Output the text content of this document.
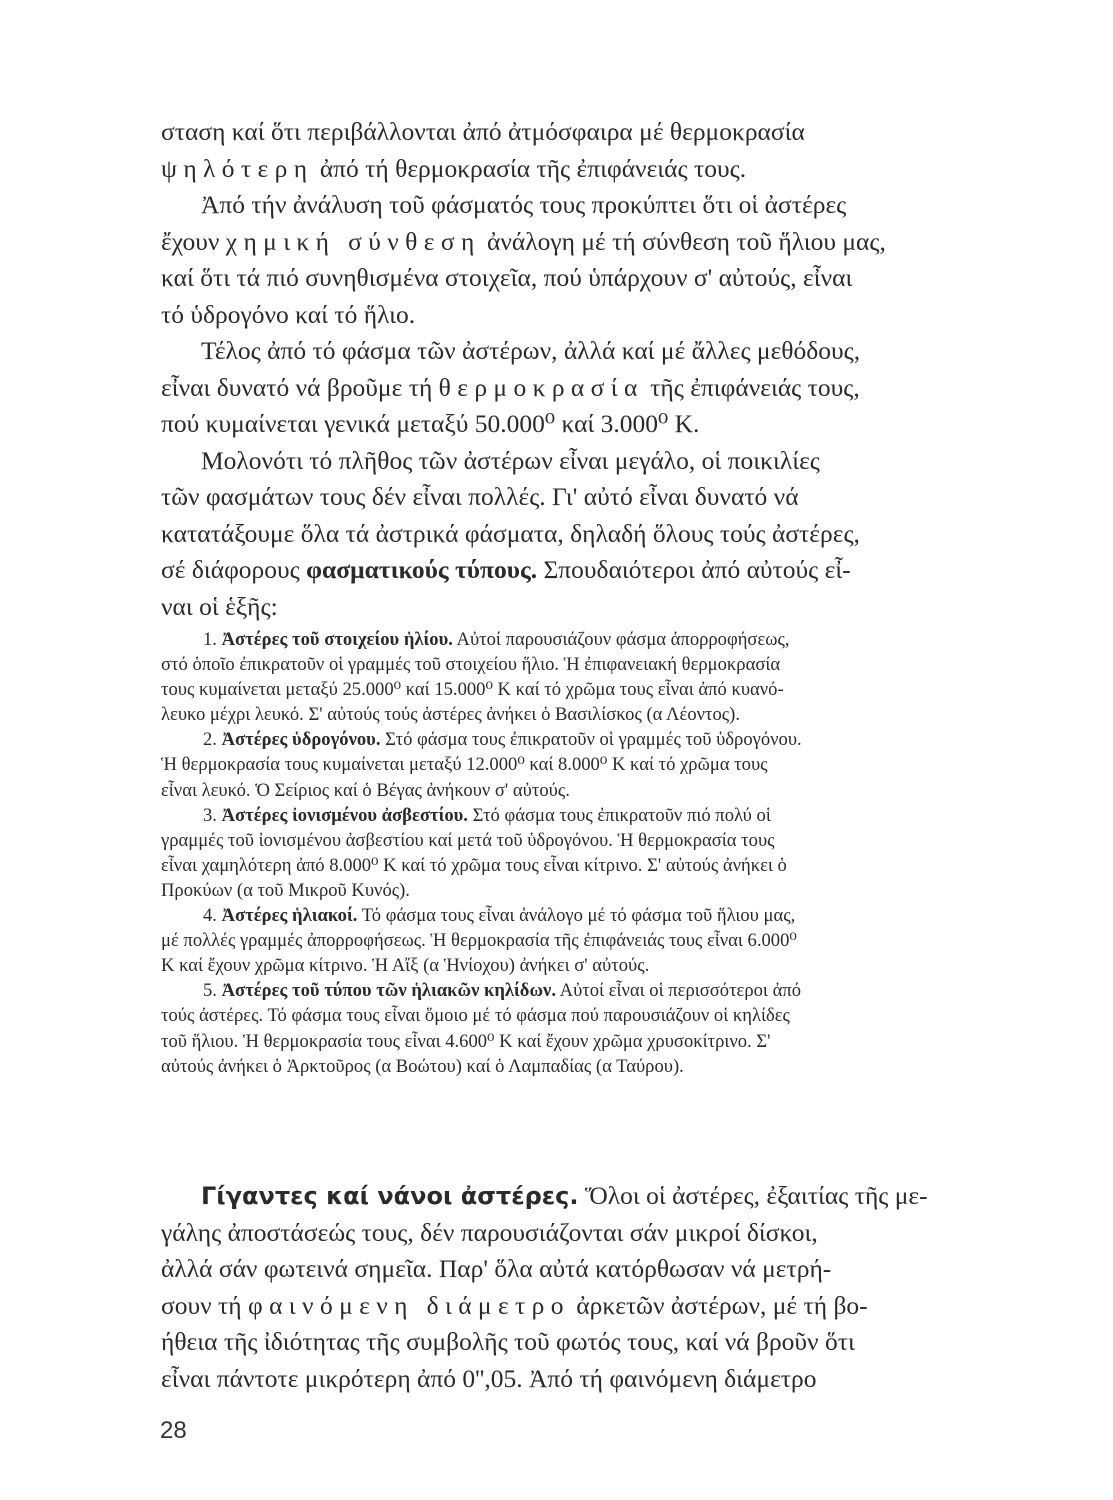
σταση καί ὅτι περιβάλλονται ἀπό ἀτμόσφαιρα μέ θερμοκρασία
ψηλότερη ἀπό τή θερμοκρασία τῆς ἐπιφάνειάς τους.
Ἀπό τήν ἀνάλυση τοῦ φάσματός τους προκύπτει ὅτι οἱ ἀστέρες
ἔχουν χημική σύνθεση ἀνάλογη μέ τή σύνθεση τοῦ ἥλιου μας,
καί ὅτι τά πιό συνηθισμένα στοιχεῖα, πού ὑπάρχουν σ' αὐτούς, εἶναι
τό ὑδρογόνο καί τό ἥλιο.
Τέλος ἀπό τό φάσμα τῶν ἀστέρων, ἀλλά καί μέ ἄλλες μεθόδους,
εἶναι δυνατό νά βροῦμε τή θερμοκρασία τῆς ἐπιφάνειάς τους,
πού κυμαίνεται γενικά μεταξύ 50.000⁰ καί 3.000⁰ Κ.
Μολονότι τό πλῆθος τῶν ἀστέρων εἶναι μεγάλο, οἱ ποικιλίες
τῶν φασμάτων τους δέν εἶναι πολλές. Γι' αὐτό εἶναι δυνατό νά
κατατάξουμε ὅλα τά ἀστρικά φάσματα, δηλαδή ὅλους τούς ἀστέρες,
σέ διάφορους φασματικούς τύπους. Σπουδαιότεροι ἀπό αὐτούς εἶ-
ναι οἱ ἑξῆς:
1. Ἀστέρες τοῦ στοιχείου ἡλίου. Αὐτοί παρουσιάζουν φάσμα ἀπορροφήσεως,
στό ὁποῖο ἐπικρατοῦν οἱ γραμμές τοῦ στοιχείου ἥλιο. Ἡ ἐπιφανειακή θερμοκρασία
τους κυμαίνεται μεταξύ 25.000⁰ καί 15.000⁰ Κ καί τό χρῶμα τους εἶναι ἀπό κυανό-
λευκο μέχρι λευκό. Σ' αὐτούς τούς ἀστέρες ἀνήκει ὁ Βασιλίσκος (α Λέοντος).
2. Ἀστέρες ὑδρογόνου. Στό φάσμα τους ἐπικρατοῦν οἱ γραμμές τοῦ ὑδρογόνου.
Ἡ θερμοκρασία τους κυμαίνεται μεταξύ 12.000⁰ καί 8.000⁰ Κ καί τό χρῶμα τους
εἶναι λευκό. Ὁ Σείριος καί ὁ Βέγας ἀνήκουν σ' αὐτούς.
3. Ἀστέρες ἰονισμένου ἀσβεστίου. Στό φάσμα τους ἐπικρατοῦν πιό πολύ οἱ
γραμμές τοῦ ἰονισμένου ἀσβεστίου καί μετά τοῦ ὑδρογόνου. Ἡ θερμοκρασία τους
εἶναι χαμηλότερη ἀπό 8.000⁰ Κ καί τό χρῶμα τους εἶναι κίτρινο. Σ' αὐτούς ἀνήκει ὁ
Προκύων (α τοῦ Μικροῦ Κυνός).
4. Ἀστέρες ἡλιακοί. Τό φάσμα τους εἶναι ἀνάλογο μέ τό φάσμα τοῦ ἥλιου μας,
μέ πολλές γραμμές ἀπορροφήσεως. Ἡ θερμοκρασία τῆς ἐπιφάνειάς τους εἶναι 6.000⁰
Κ καί ἔχουν χρῶμα κίτρινο. Ἡ Αἴξ (α Ἡνίοχου) ἀνήκει σ' αὐτούς.
5. Ἀστέρες τοῦ τύπου τῶν ἡλιακῶν κηλίδων. Αὐτοί εἶναι οἱ περισσότεροι ἀπό
τούς ἀστέρες. Τό φάσμα τους εἶναι ὅμοιο μέ τό φάσμα πού παρουσιάζουν οἱ κηλίδες
τοῦ ἥλιου. Ἡ θερμοκρασία τους εἶναι 4.600⁰ Κ καί ἔχουν χρῶμα χρυσοκίτρινο. Σ'
αὐτούς ἀνήκει ὁ Ἀρκτοῦρος (α Βοώτου) καί ὁ Λαμπαδίας (α Ταύρου).
Γίγαντες καί νάνοι ἀστέρες. Ὅλοι οἱ ἀστέρες, ἐξαιτίας τῆς με-
γάλης ἀποστάσεώς τους, δέν παρουσιάζονται σάν μικροί δίσκοι,
ἀλλά σάν φωτεινά σημεῖα. Παρ' ὅλα αὐτά κατόρθωσαν νά μετρή-
σουν τή φαινόμενη διάμετρο ἀρκετῶν ἀστέρων, μέ τή βο-
ήθεια τῆς ἰδιότητας τῆς συμβολῆς τοῦ φωτός τους, καί νά βροῦν ὅτι
εἶναι πάντοτε μικρότερη ἀπό 0'',05. Ἀπό τή φαινόμενη διάμετρο
28
